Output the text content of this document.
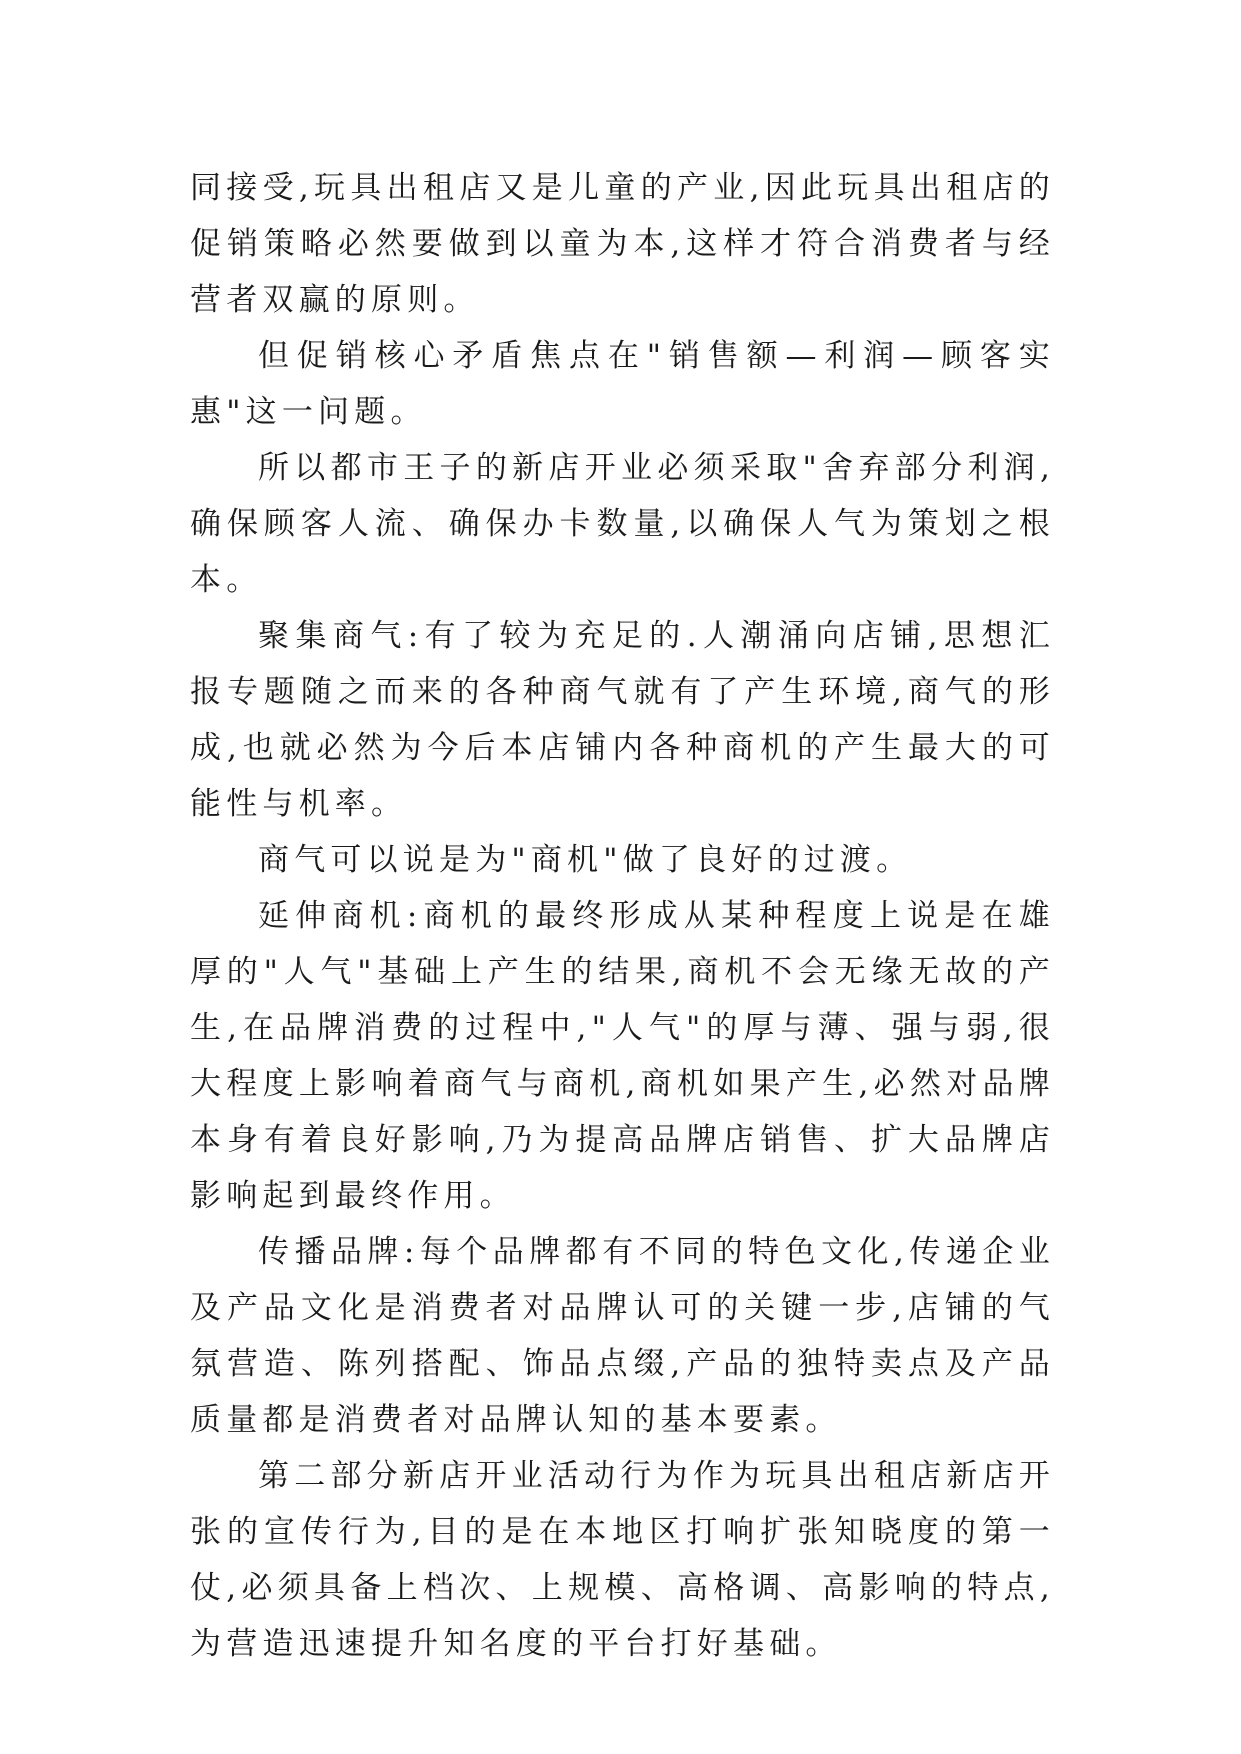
同接受,玩具出租店又是儿童的产业,因此玩具出租店的促销策略必然要做到以童为本,这样才符合消费者与经营者双赢的原则。

但促销核心矛盾焦点在"销售额—利润—顾客实惠"这一问题。

所以都市王子的新店开业必须采取"舍弃部分利润,确保顾客人流、确保办卡数量,以确保人气为策划之根本。

聚集商气:有了较为充足的.人潮涌向店铺,思想汇报专题随之而来的各种商气就有了产生环境,商气的形成,也就必然为今后本店铺内各种商机的产生最大的可能性与机率。

商气可以说是为"商机"做了良好的过渡。

延伸商机:商机的最终形成从某种程度上说是在雄厚的"人气"基础上产生的结果,商机不会无缘无故的产生,在品牌消费的过程中,"人气"的厚与薄、强与弱,很大程度上影响着商气与商机,商机如果产生,必然对品牌本身有着良好影响,乃为提高品牌店销售、扩大品牌店影响起到最终作用。

传播品牌:每个品牌都有不同的特色文化,传递企业及产品文化是消费者对品牌认可的关键一步,店铺的气氛营造、陈列搭配、饰品点缀,产品的独特卖点及产品质量都是消费者对品牌认知的基本要素。

第二部分新店开业活动行为作为玩具出租店新店开张的宣传行为,目的是在本地区打响扩张知晓度的第一仗,必须具备上档次、上规模、高格调、高影响的特点,为营造迅速提升知名度的平台打好基础。
